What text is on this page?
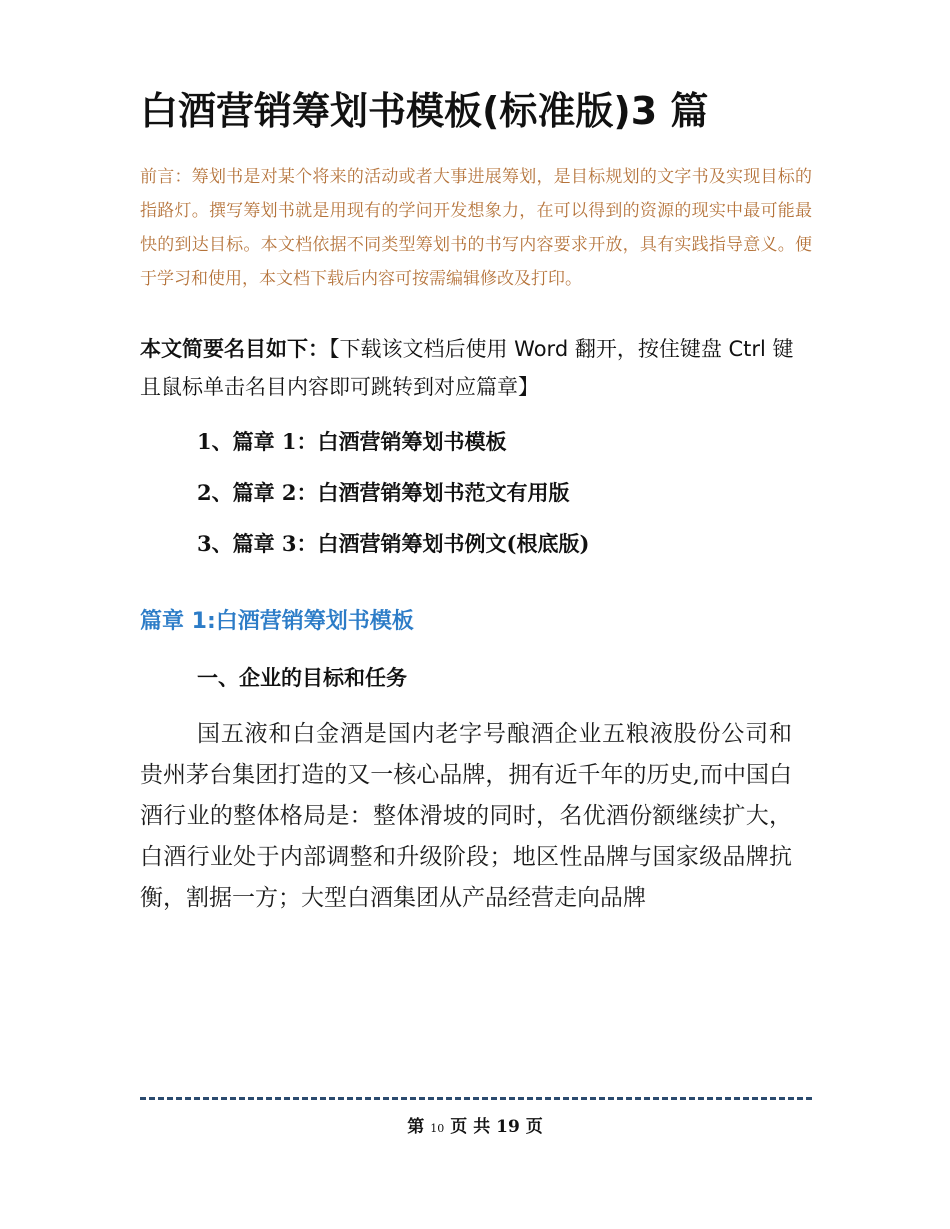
白酒营销筹划书模板(标准版)3 篇
前言：筹划书是对某个将来的活动或者大事进展筹划，是目标规划的文字书及实现目标的指路灯。撰写筹划书就是用现有的学问开发想象力，在可以得到的资源的现实中最可能最快的到达目标。本文档依据不同类型筹划书的书写内容要求开放，具有实践指导意义。便于学习和使用，本文档下载后内容可按需编辑修改及打印。
本文简要名目如下：【下载该文档后使用 Word 翻开，按住键盘 Ctrl 键且鼠标单击名目内容即可跳转到对应篇章】
1、篇章 1：白酒营销筹划书模板
2、篇章 2：白酒营销筹划书范文有用版
3、篇章 3：白酒营销筹划书例文(根底版)
篇章 1:白酒营销筹划书模板
一、企业的目标和任务
国五液和白金酒是国内老字号酿酒企业五粮液股份公司和贵州茅台集团打造的又一核心品牌，拥有近千年的历史,而中国白酒行业的整体格局是：整体滑坡的同时，名优酒份额继续扩大，白酒行业处于内部调整和升级阶段；地区性品牌与国家级品牌抗衡，割据一方；大型白酒集团从产品经营走向品牌
第 10 页 共 19 页
